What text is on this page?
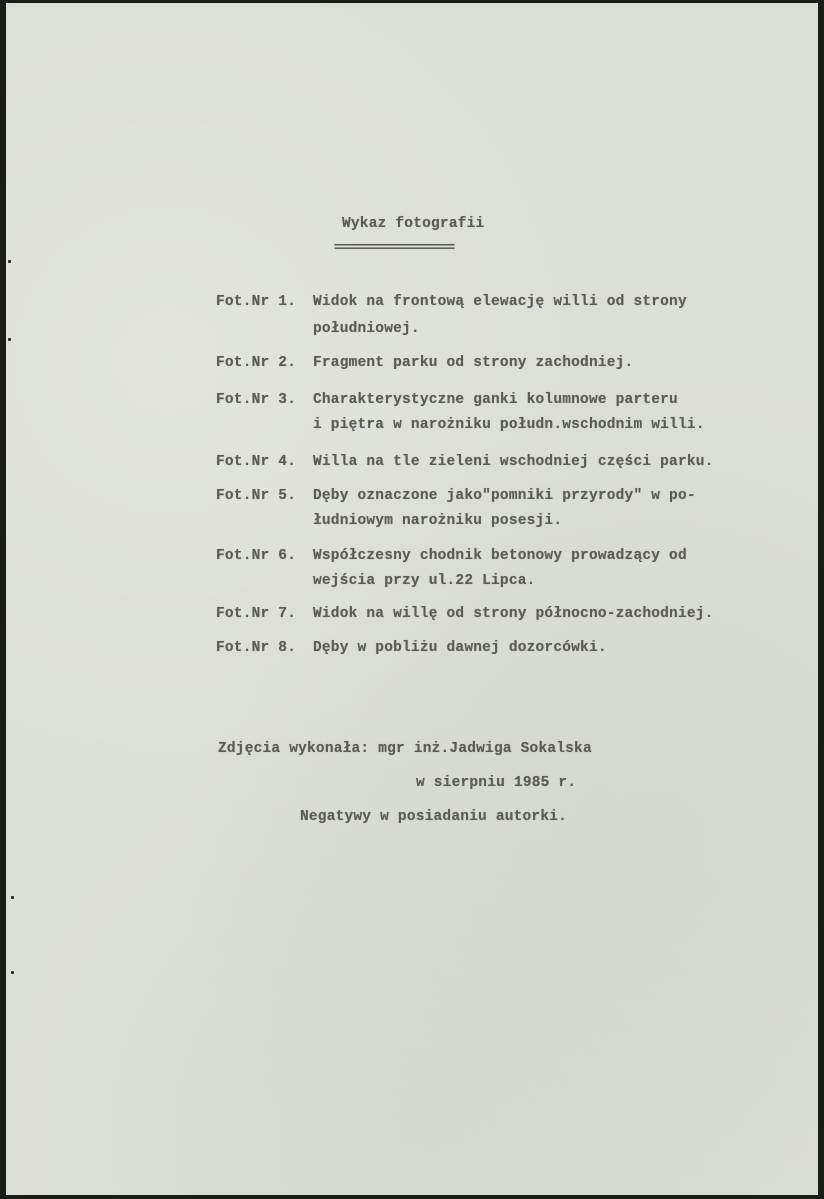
Wykaz fotografii
===================
Fot.Nr 1. Widok na frontową elewację willi od strony
południowej.
Fot.Nr 2. Fragment parku od strony zachodniej.
Fot.Nr 3. Charakterystyczne ganki kolumnowe parteru
i piętra w narożniku połudn.wschodnim willi.
Fot.Nr 4. Willa na tle zieleni wschodniej części parku.
Fot.Nr 5. Dęby oznaczone jako"pomniki przyrody" w po-
łudniowym narożniku posesji.
Fot.Nr 6. Współczesny chodnik betonowy prowadzący od
wejścia przy ul.22 Lipca.
Fot.Nr 7. Widok na willę od strony północno-zachodniej.
Fot.Nr 8. Dęby w pobliżu dawnej dozorcówki.
Zdjęcia wykonała: mgr inż.Jadwiga Sokalska
w sierpniu 1985 r.
Negatywy w posiadaniu autorki.
